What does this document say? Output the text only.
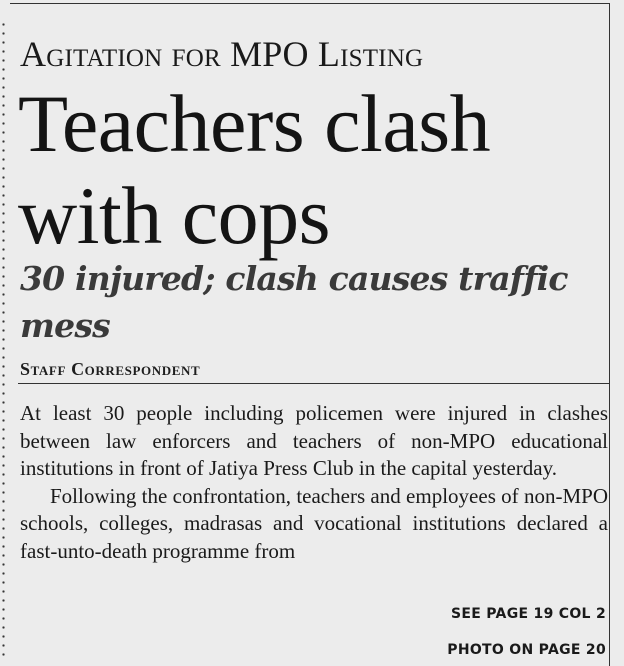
Agitation for MPO Listing
Teachers clash with cops
30 injured; clash causes traffic mess
Staff Correspondent

At least 30 people including policemen were injured in clashes between law enforcers and teachers of non-MPO educational institutions in front of Jatiya Press Club in the capital yesterday.

Following the confrontation, teachers and employees of non-MPO schools, colleges, madrasas and vocational institutions declared a fast-unto-death programme from

SEE PAGE 19 COL 2
PHOTO ON PAGE 20
